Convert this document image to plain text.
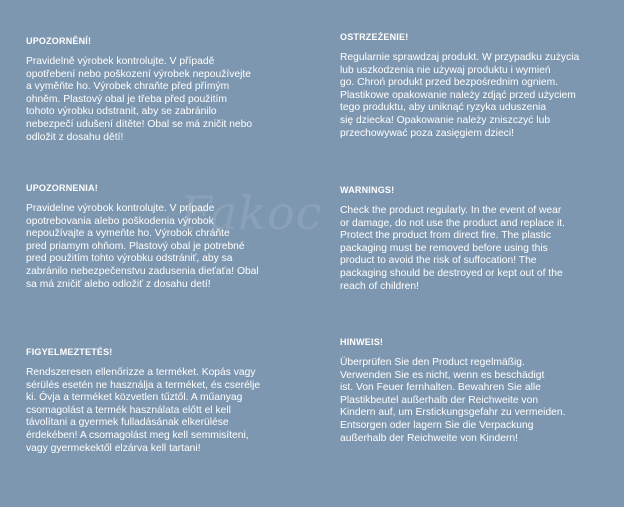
Fakoc
UPOZORNĚNÍ!

Pravidelně výrobek kontrolujte. V případě
opotřebení nebo poškození výrobek nepoužívejte
a vyměňte ho. Výrobek chraňte před přímým
ohněm. Plastový obal je třeba před použitím
tohoto výrobku odstranit, aby se zabránilo
nebezpečí udušení dítěte! Obal se má zničit nebo
odložit z dosahu dětí!

OSTRZEŻENIE!

Regularnie sprawdzaj produkt. W przypadku zużycia
lub uszkodzenia nie używaj produktu i wymień
go. Chroń produkt przed bezpośrednim ogniem.
Plastikowe opakowanie należy zdjąć przed użyciem
tego produktu, aby uniknąć ryzyka uduszenia
się dziecka! Opakowanie należy zniszczyć lub
przechowywać poza zasięgiem dzieci!

UPOZORNENIA!

Pravidelne výrobok kontrolujte. V prípade
opotrebovania alebo poškodenia výrobok
nepoužívajte a vymeňte ho. Výrobok chráňte
pred priamym ohňom. Plastový obal je potrebné
pred použitím tohto výrobku odstrániť, aby sa
zabránilo nebezpečenstvu zadusenia dieťaťa! Obal
sa má zničiť alebo odložiť z dosahu detí!

WARNINGS!

Check the product regularly. In the event of wear
or damage, do not use the product and replace it.
Protect the product from direct fire. The plastic
packaging must be removed before using this
product to avoid the risk of suffocation! The
packaging should be destroyed or kept out of the
reach of children!

FIGYELMEZTETÉS!

Rendszeresen ellenőrizze a terméket. Kopás vagy
sérülés esetén ne használja a terméket, és cserélje
ki. Óvja a terméket közvetlen tűztől. A műanyag
csomagolást a termék használata előtt el kell
távolítani a gyermek fulladásának elkerülése
érdekében! A csomagolást meg kell semmisíteni,
vagy gyermekektől elzárva kell tartani!

HINWEIS!

Überprüfen Sie den Product regelmäßig.
Verwenden Sie es nicht, wenn es beschädigt
ist. Von Feuer fernhalten. Bewahren Sie alle
Plastikbeutel außerhalb der Reichweite von
Kindern auf, um Erstickungsgefahr zu vermeiden.
Entsorgen oder lagern Sie die Verpackung
außerhalb der Reichweite von Kindern!
